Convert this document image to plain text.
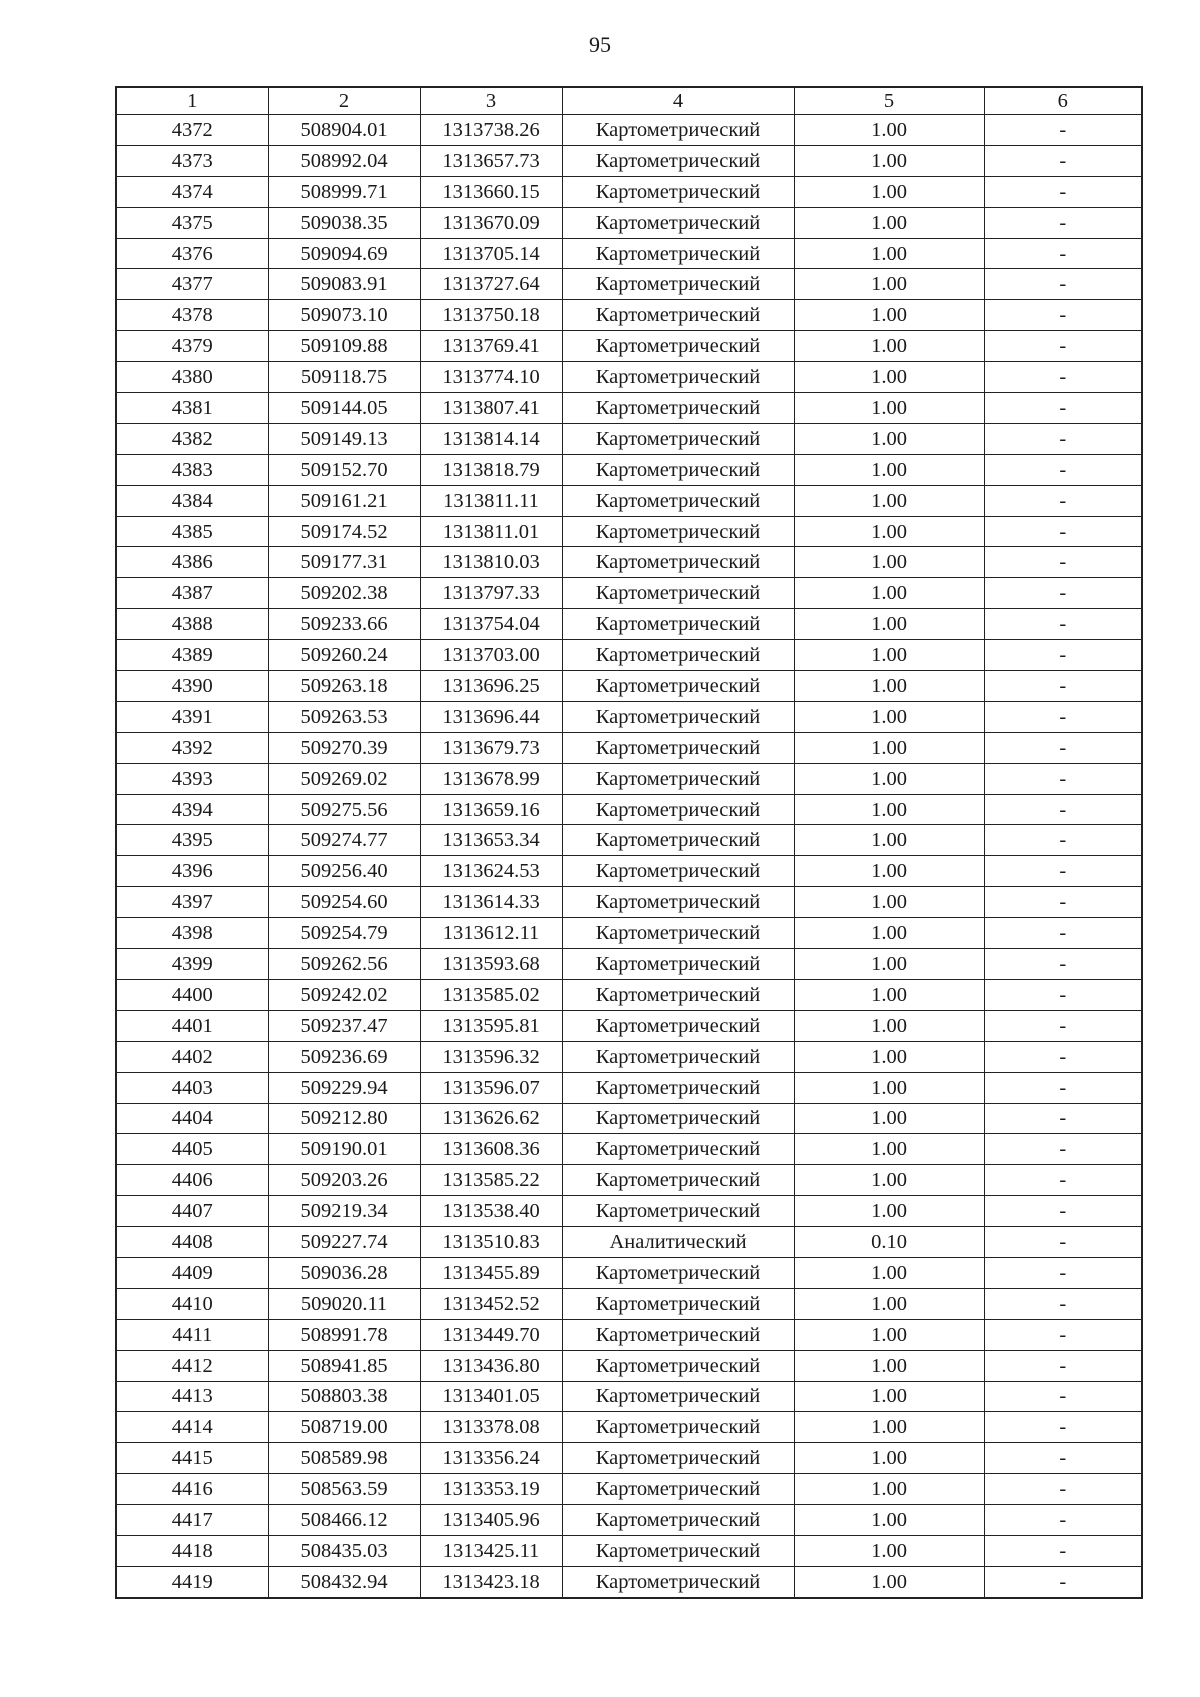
95
1	2	3	4	5	6
4372	508904.01	1313738.26	Картометрический	1.00	-
4373	508992.04	1313657.73	Картометрический	1.00	-
4374	508999.71	1313660.15	Картометрический	1.00	-
4375	509038.35	1313670.09	Картометрический	1.00	-
4376	509094.69	1313705.14	Картометрический	1.00	-
4377	509083.91	1313727.64	Картометрический	1.00	-
4378	509073.10	1313750.18	Картометрический	1.00	-
4379	509109.88	1313769.41	Картометрический	1.00	-
4380	509118.75	1313774.10	Картометрический	1.00	-
4381	509144.05	1313807.41	Картометрический	1.00	-
4382	509149.13	1313814.14	Картометрический	1.00	-
4383	509152.70	1313818.79	Картометрический	1.00	-
4384	509161.21	1313811.11	Картометрический	1.00	-
4385	509174.52	1313811.01	Картометрический	1.00	-
4386	509177.31	1313810.03	Картометрический	1.00	-
4387	509202.38	1313797.33	Картометрический	1.00	-
4388	509233.66	1313754.04	Картометрический	1.00	-
4389	509260.24	1313703.00	Картометрический	1.00	-
4390	509263.18	1313696.25	Картометрический	1.00	-
4391	509263.53	1313696.44	Картометрический	1.00	-
4392	509270.39	1313679.73	Картометрический	1.00	-
4393	509269.02	1313678.99	Картометрический	1.00	-
4394	509275.56	1313659.16	Картометрический	1.00	-
4395	509274.77	1313653.34	Картометрический	1.00	-
4396	509256.40	1313624.53	Картометрический	1.00	-
4397	509254.60	1313614.33	Картометрический	1.00	-
4398	509254.79	1313612.11	Картометрический	1.00	-
4399	509262.56	1313593.68	Картометрический	1.00	-
4400	509242.02	1313585.02	Картометрический	1.00	-
4401	509237.47	1313595.81	Картометрический	1.00	-
4402	509236.69	1313596.32	Картометрический	1.00	-
4403	509229.94	1313596.07	Картометрический	1.00	-
4404	509212.80	1313626.62	Картометрический	1.00	-
4405	509190.01	1313608.36	Картометрический	1.00	-
4406	509203.26	1313585.22	Картометрический	1.00	-
4407	509219.34	1313538.40	Картометрический	1.00	-
4408	509227.74	1313510.83	Аналитический	0.10	-
4409	509036.28	1313455.89	Картометрический	1.00	-
4410	509020.11	1313452.52	Картометрический	1.00	-
4411	508991.78	1313449.70	Картометрический	1.00	-
4412	508941.85	1313436.80	Картометрический	1.00	-
4413	508803.38	1313401.05	Картометрический	1.00	-
4414	508719.00	1313378.08	Картометрический	1.00	-
4415	508589.98	1313356.24	Картометрический	1.00	-
4416	508563.59	1313353.19	Картометрический	1.00	-
4417	508466.12	1313405.96	Картометрический	1.00	-
4418	508435.03	1313425.11	Картометрический	1.00	-
4419	508432.94	1313423.18	Картометрический	1.00	-
